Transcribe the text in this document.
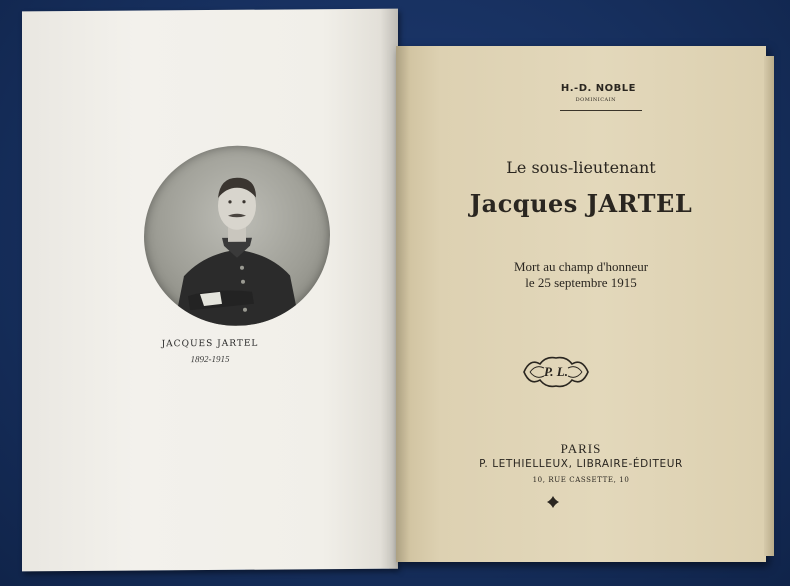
JACQUES JARTEL
1892-1915
H.-D. NOBLE
DOMINICAIN
Le sous-lieutenant
Jacques JARTEL
Mort au champ d'honneur
le 25 septembre 1915
P. L.
PARIS
P. LETHIELLEUX, LIBRAIRE-ÉDITEUR
10, RUE CASSETTE, 10
